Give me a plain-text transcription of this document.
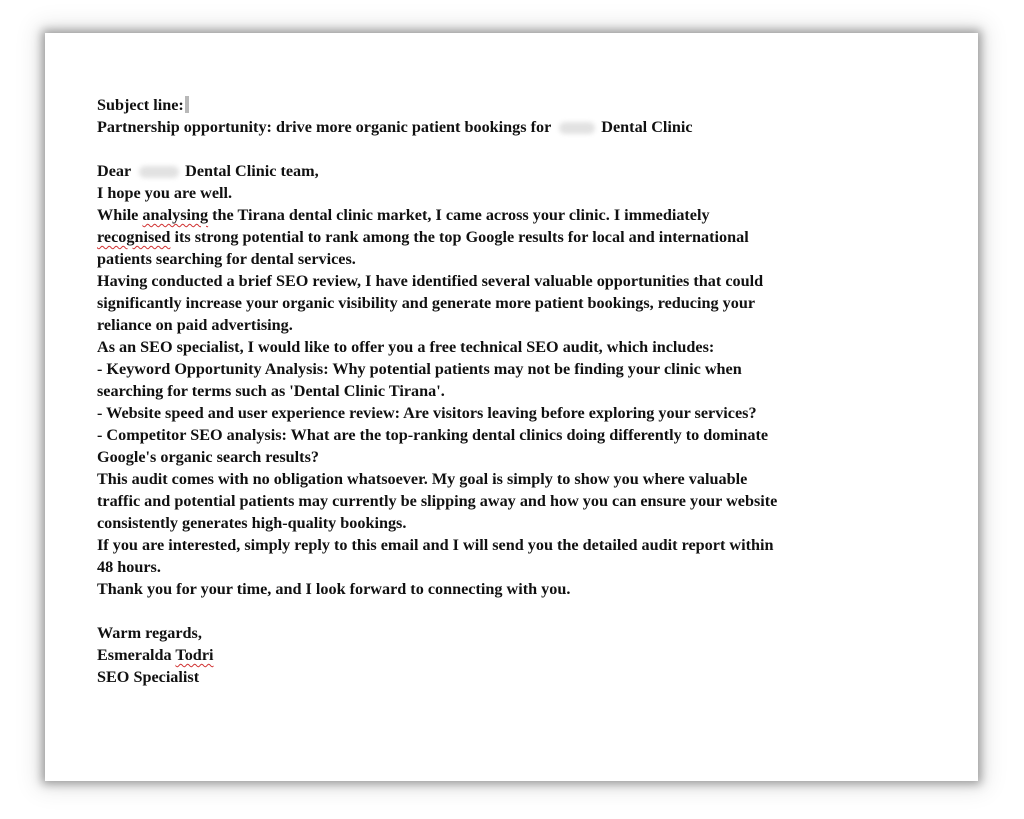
Subject line:
Partnership opportunity: drive more organic patient bookings for	Dental Clinic
Dear	Dental Clinic team,
I hope you are well.
While analysing the Tirana dental clinic market, I came across your clinic. I immediately
recognised its strong potential to rank among the top Google results for local and international
patients searching for dental services.
Having conducted a brief SEO review, I have identified several valuable opportunities that could
significantly increase your organic visibility and generate more patient bookings, reducing your
reliance on paid advertising.
As an SEO specialist, I would like to offer you a free technical SEO audit, which includes:
- Keyword Opportunity Analysis: Why potential patients may not be finding your clinic when
searching for terms such as 'Dental Clinic Tirana'.
- Website speed and user experience review: Are visitors leaving before exploring your services?
- Competitor SEO analysis: What are the top-ranking dental clinics doing differently to dominate
Google's organic search results?
This audit comes with no obligation whatsoever. My goal is simply to show you where valuable
traffic and potential patients may currently be slipping away and how you can ensure your website
consistently generates high-quality bookings.
If you are interested, simply reply to this email and I will send you the detailed audit report within
48 hours.
Thank you for your time, and I look forward to connecting with you.
Warm regards,
Esmeralda Todri
SEO Specialist
